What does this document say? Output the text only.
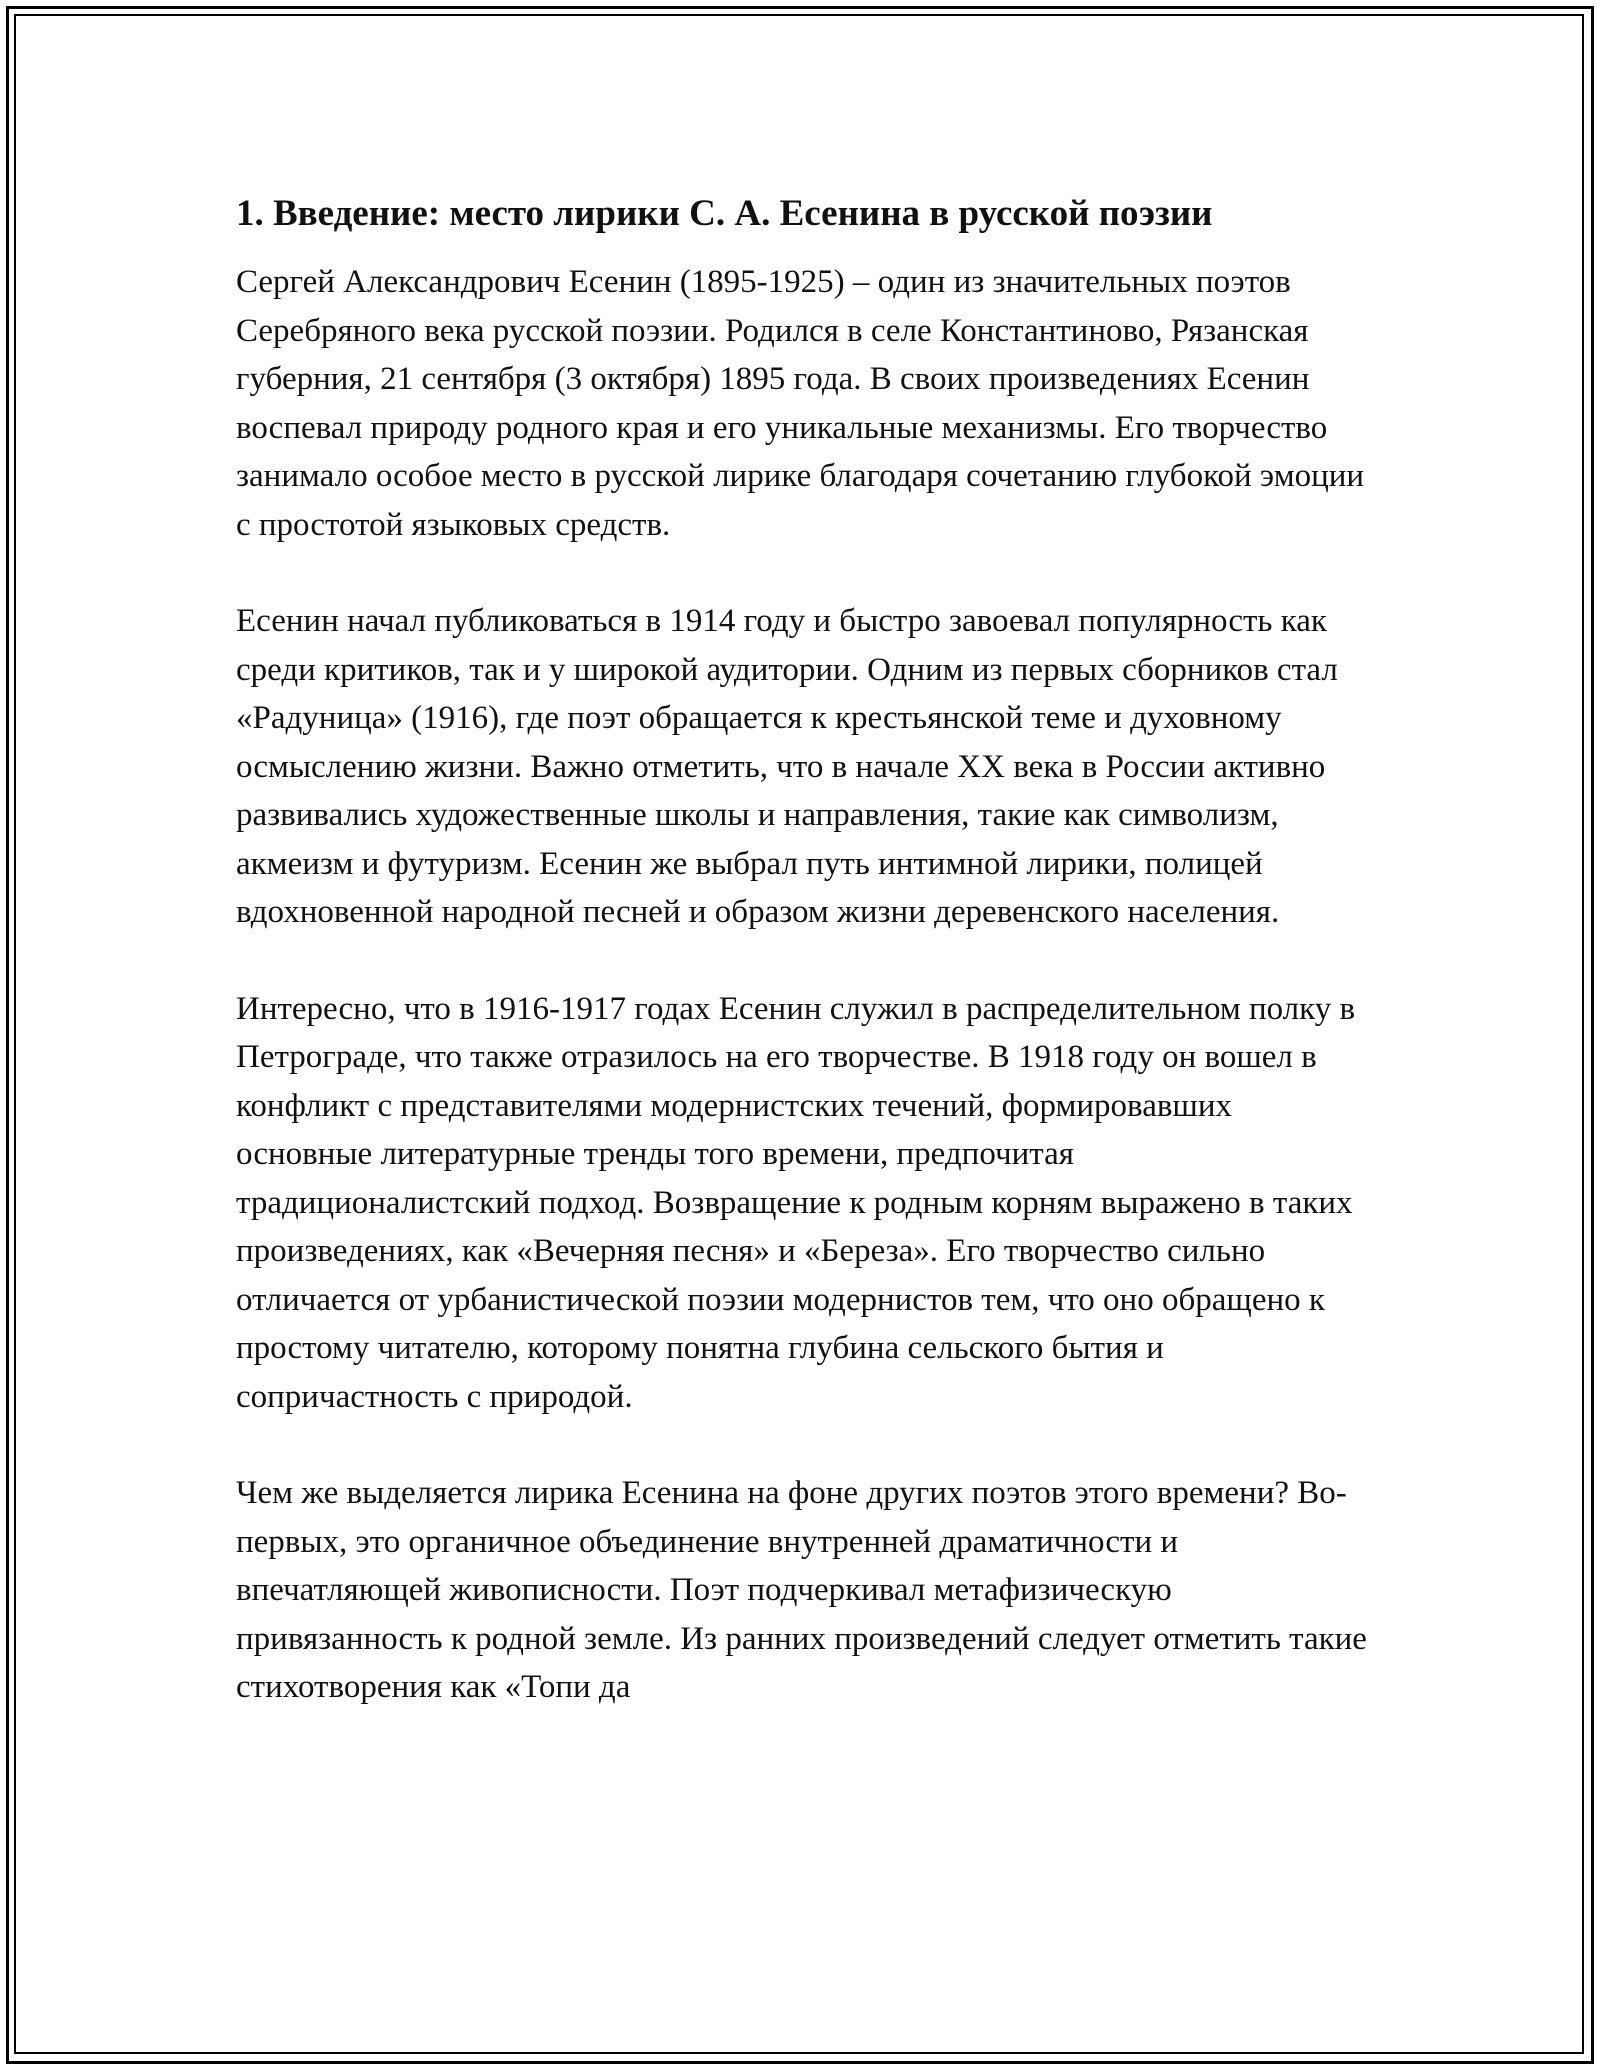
1. Введение: место лирики С. А. Есенина в русской поэзии

Сергей Александрович Есенин (1895-1925) – один из значительных поэтов Серебряного века русской поэзии. Родился в селе Константиново, Рязанская губерния, 21 сентября (3 октября) 1895 года. В своих произведениях Есенин воспевал природу родного края и его уникальные механизмы. Его творчество занимало особое место в русской лирике благодаря сочетанию глубокой эмоции с простотой языковых средств.

Есенин начал публиковаться в 1914 году и быстро завоевал популярность как среди критиков, так и у широкой аудитории. Одним из первых сборников стал «Радуница» (1916), где поэт обращается к крестьянской теме и духовному осмыслению жизни. Важно отметить, что в начале XX века в России активно развивались художественные школы и направления, такие как символизм, акмеизм и футуризм. Есенин же выбрал путь интимной лирики, полицей вдохновенной народной песней и образом жизни деревенского населения.

Интересно, что в 1916-1917 годах Есенин служил в распределительном полку в Петрограде, что также отразилось на его творчестве. В 1918 году он вошел в конфликт с представителями модернистских течений, формировавших основные литературные тренды того времени, предпочитая традиционалистский подход. Возвращение к родным корням выражено в таких произведениях, как «Вечерняя песня» и «Береза». Его творчество сильно отличается от урбанистической поэзии модернистов тем, что оно обращено к простому читателю, которому понятна глубина сельского бытия и сопричастность с природой.

Чем же выделяется лирика Есенина на фоне других поэтов этого времени? Во-первых, это органичное объединение внутренней драматичности и впечатляющей живописности. Поэт подчеркивал метафизическую привязанность к родной земле. Из ранних произведений следует отметить такие стихотворения как «Топи да
